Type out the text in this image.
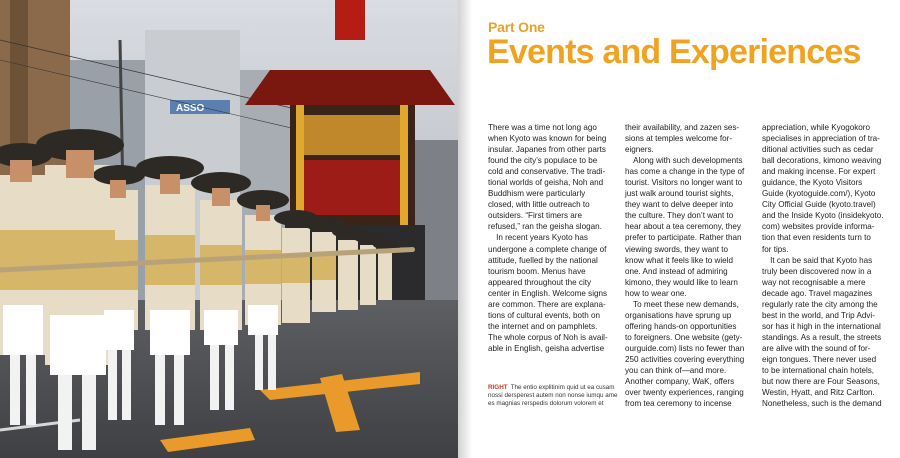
ASSO
Part One
Events and Experiences

There was a time not long ago

when Kyoto was known for being

insular. Japanes from other parts

found the city’s populace to be

cold and conservative. The tradi-

tional worlds of geisha, Noh and

Buddhism were particularly

closed, with little outreach to

outsiders. “First timers are

refused,” ran the geisha slogan.

 In recent years Kyoto has

undergone a complete change of

attitude, fuelled by the national

tourism boom. Menus have

appeared throughout the city

center in English. Welcome signs

are common. There are explana-

tions of cultural events, both on

the internet and on pamphlets.

The whole corpus of Noh is avail-

able in English, geisha advertise

their availability, and zazen ses-

sions at temples welcome for-

eigners.

 Along with such developments

has come a change in the type of

tourist. Visitors no longer want to

just walk around tourist sights,

they want to delve deeper into

the culture. They don’t want to

hear about a tea ceremony, they

prefer to participate. Rather than

viewing swords, they want to

know what it feels like to wield

one. And instead of admiring

kimono, they would like to learn

how to wear one.

 To meet these new demands,

organisations have sprung up

offering hands-on opportunities

to foreigners. One website (gety-

ourguide.com) lists no fewer than

250 activities covering everything

you can think of—and more.

Another company, WaK, offers

over twenty experiences, ranging

from tea ceremony to incense

appreciation, while Kyogokoro

specialises in appreciation of tra-

ditional activities such as cedar

ball decorations, kimono weaving

and making incense. For expert

guidance, the Kyoto Visitors

Guide (kyotoguide.com/), Kyoto

City Official Guide (kyoto.travel)

and the Inside Kyoto (insidekyoto.

com) websites provide informa-

tion that even residents turn to

for tips.

 It can be said that Kyoto has

truly been discovered now in a

way not recognisable a mere

decade ago. Travel magazines

regularly rate the city among the

best in the world, and Trip Advi-

sor has it high in the international

standings. As a result, the streets

are alive with the sound of for-

eign tongues. There never used

to be international chain hotels,

but now there are Four Seasons,

Westin, Hyatt, and Ritz Carlton.

Nonetheless, such is the demand

RIGHT The entio explitinim quid ut ea cusam nossi dersperest autem non nonse iumqu ame es magnias rerspedis dolorum volorem et
